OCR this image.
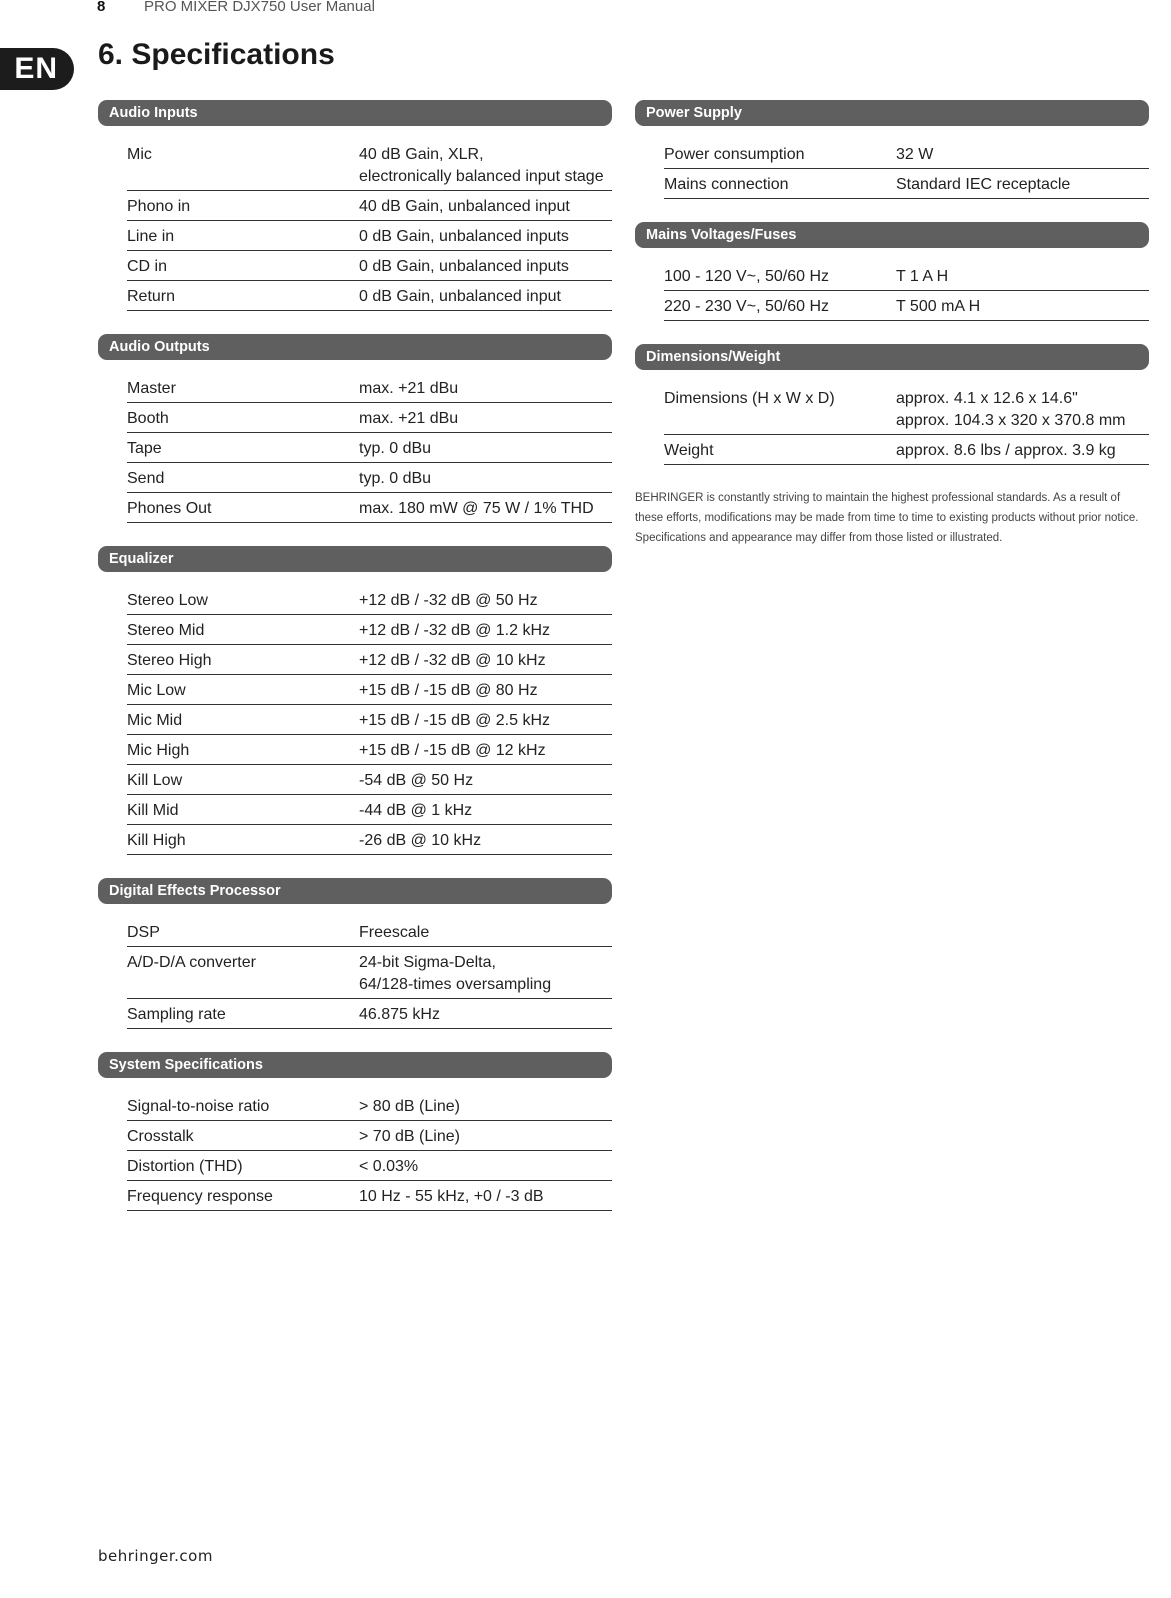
8	PRO MIXER DJX750 User Manual
EN	6. Specifications
Audio Inputs
Mic	40 dB Gain, XLR,
electronically balanced input stage
Phono in	40 dB Gain, unbalanced input
Line in	0 dB Gain, unbalanced inputs
CD in	0 dB Gain, unbalanced inputs
Return	0 dB Gain, unbalanced input
Audio Outputs
Master	max. +21 dBu
Booth	max. +21 dBu
Tape	typ. 0 dBu
Send	typ. 0 dBu
Phones Out	max. 180 mW @ 75 W / 1% THD
Equalizer
Stereo Low	+12 dB / -32 dB @ 50 Hz
Stereo Mid	+12 dB / -32 dB @ 1.2 kHz
Stereo High	+12 dB / -32 dB @ 10 kHz
Mic Low	+15 dB / -15 dB @ 80 Hz
Mic Mid	+15 dB / -15 dB @ 2.5 kHz
Mic High	+15 dB / -15 dB @ 12 kHz
Kill Low	-54 dB @ 50 Hz
Kill Mid	-44 dB @ 1 kHz
Kill High	-26 dB @ 10 kHz
Digital Effects Processor
DSP	Freescale
A/D-D/A converter	24-bit Sigma-Delta,
64/128-times oversampling
Sampling rate	46.875 kHz
System Specifications
Signal-to-noise ratio	> 80 dB (Line)
Crosstalk	> 70 dB (Line)
Distortion (THD)	< 0.03%
Frequency response	10 Hz - 55 kHz, +0 / -3 dB
Power Supply
Power consumption	32 W
Mains connection	Standard IEC receptacle
Mains Voltages/Fuses
100 - 120 V~, 50/60 Hz	T 1 A H
220 - 230 V~, 50/60 Hz	T 500 mA H
Dimensions/Weight
Dimensions (H x W x D)	approx. 4.1 x 12.6 x 14.6"
approx. 104.3 x 320 x 370.8 mm
Weight	approx. 8.6 lbs / approx. 3.9 kg
BEHRINGER is constantly striving to maintain the highest professional standards. As a result of these efforts, modifications may be made from time to time to existing products without prior notice. Specifications and appearance may differ from those listed or illustrated.
behringer.com
